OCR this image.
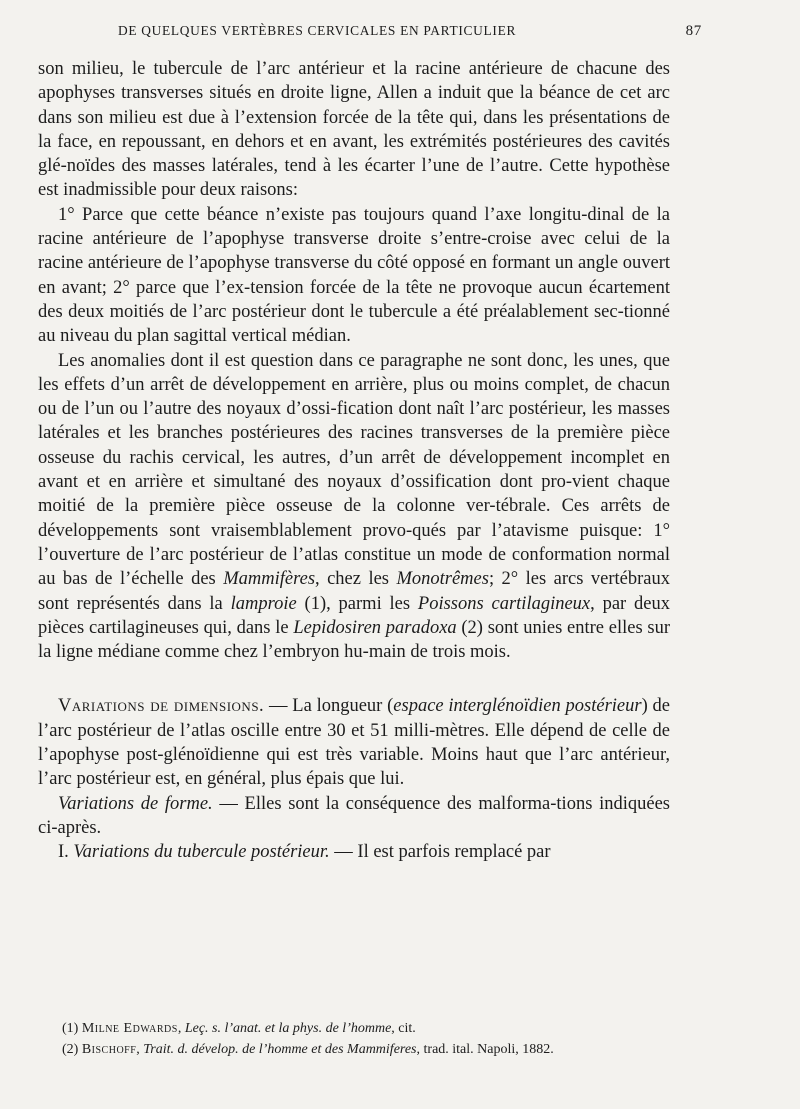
DE QUELQUES VERTÈBRES CERVICALES EN PARTICULIER	87

son milieu, le tubercule de l’arc antérieur et la racine antérieure de chacune des apophyses transverses situés en droite ligne, Allen a induit que la béance de cet arc dans son milieu est due à l’extension forcée de la tête qui, dans les présentations de la face, en repoussant, en dehors et en avant, les extrémités postérieures des cavités glé-noïdes des masses latérales, tend à les écarter l’une de l’autre. Cette hypothèse est inadmissible pour deux raisons:

1° Parce que cette béance n’existe pas toujours quand l’axe longitu-dinal de la racine antérieure de l’apophyse transverse droite s’entre-croise avec celui de la racine antérieure de l’apophyse transverse du côté opposé en formant un angle ouvert en avant; 2° parce que l’ex-tension forcée de la tête ne provoque aucun écartement des deux moitiés de l’arc postérieur dont le tubercule a été préalablement sec-tionné au niveau du plan sagittal vertical médian.

Les anomalies dont il est question dans ce paragraphe ne sont donc, les unes, que les effets d’un arrêt de développement en arrière, plus ou moins complet, de chacun ou de l’un ou l’autre des noyaux d’ossi-fication dont naît l’arc postérieur, les masses latérales et les branches postérieures des racines transverses de la première pièce osseuse du rachis cervical, les autres, d’un arrêt de développement incomplet en avant et en arrière et simultané des noyaux d’ossification dont pro-vient chaque moitié de la première pièce osseuse de la colonne ver-tébrale. Ces arrêts de développements sont vraisemblablement provo-qués par l’atavisme puisque: 1° l’ouverture de l’arc postérieur de l’atlas constitue un mode de conformation normal au bas de l’échelle des Mammifères, chez les Monotrêmes; 2° les arcs vertébraux sont représentés dans la lamproie (1), parmi les Poissons cartilagineux, par deux pièces cartilagineuses qui, dans le Lepidosiren paradoxa (2) sont unies entre elles sur la ligne médiane comme chez l’embryon hu-main de trois mois.

Variations de dimensions. — La longueur (espace interglénoïdien postérieur) de l’arc postérieur de l’atlas oscille entre 30 et 51 milli-mètres. Elle dépend de celle de l’apophyse post-glénoïdienne qui est très variable. Moins haut que l’arc antérieur, l’arc postérieur est, en général, plus épais que lui.

Variations de forme. — Elles sont la conséquence des malforma-tions indiquées ci-après.

I. Variations du tubercule postérieur. — Il est parfois remplacé par

(1) Milne Edwards, Leç. s. l’anat. et la phys. de l’homme, cit.

(2) Bischoff, Trait. d. dévelop. de l’homme et des Mammiferes, trad. ital. Napoli, 1882.
